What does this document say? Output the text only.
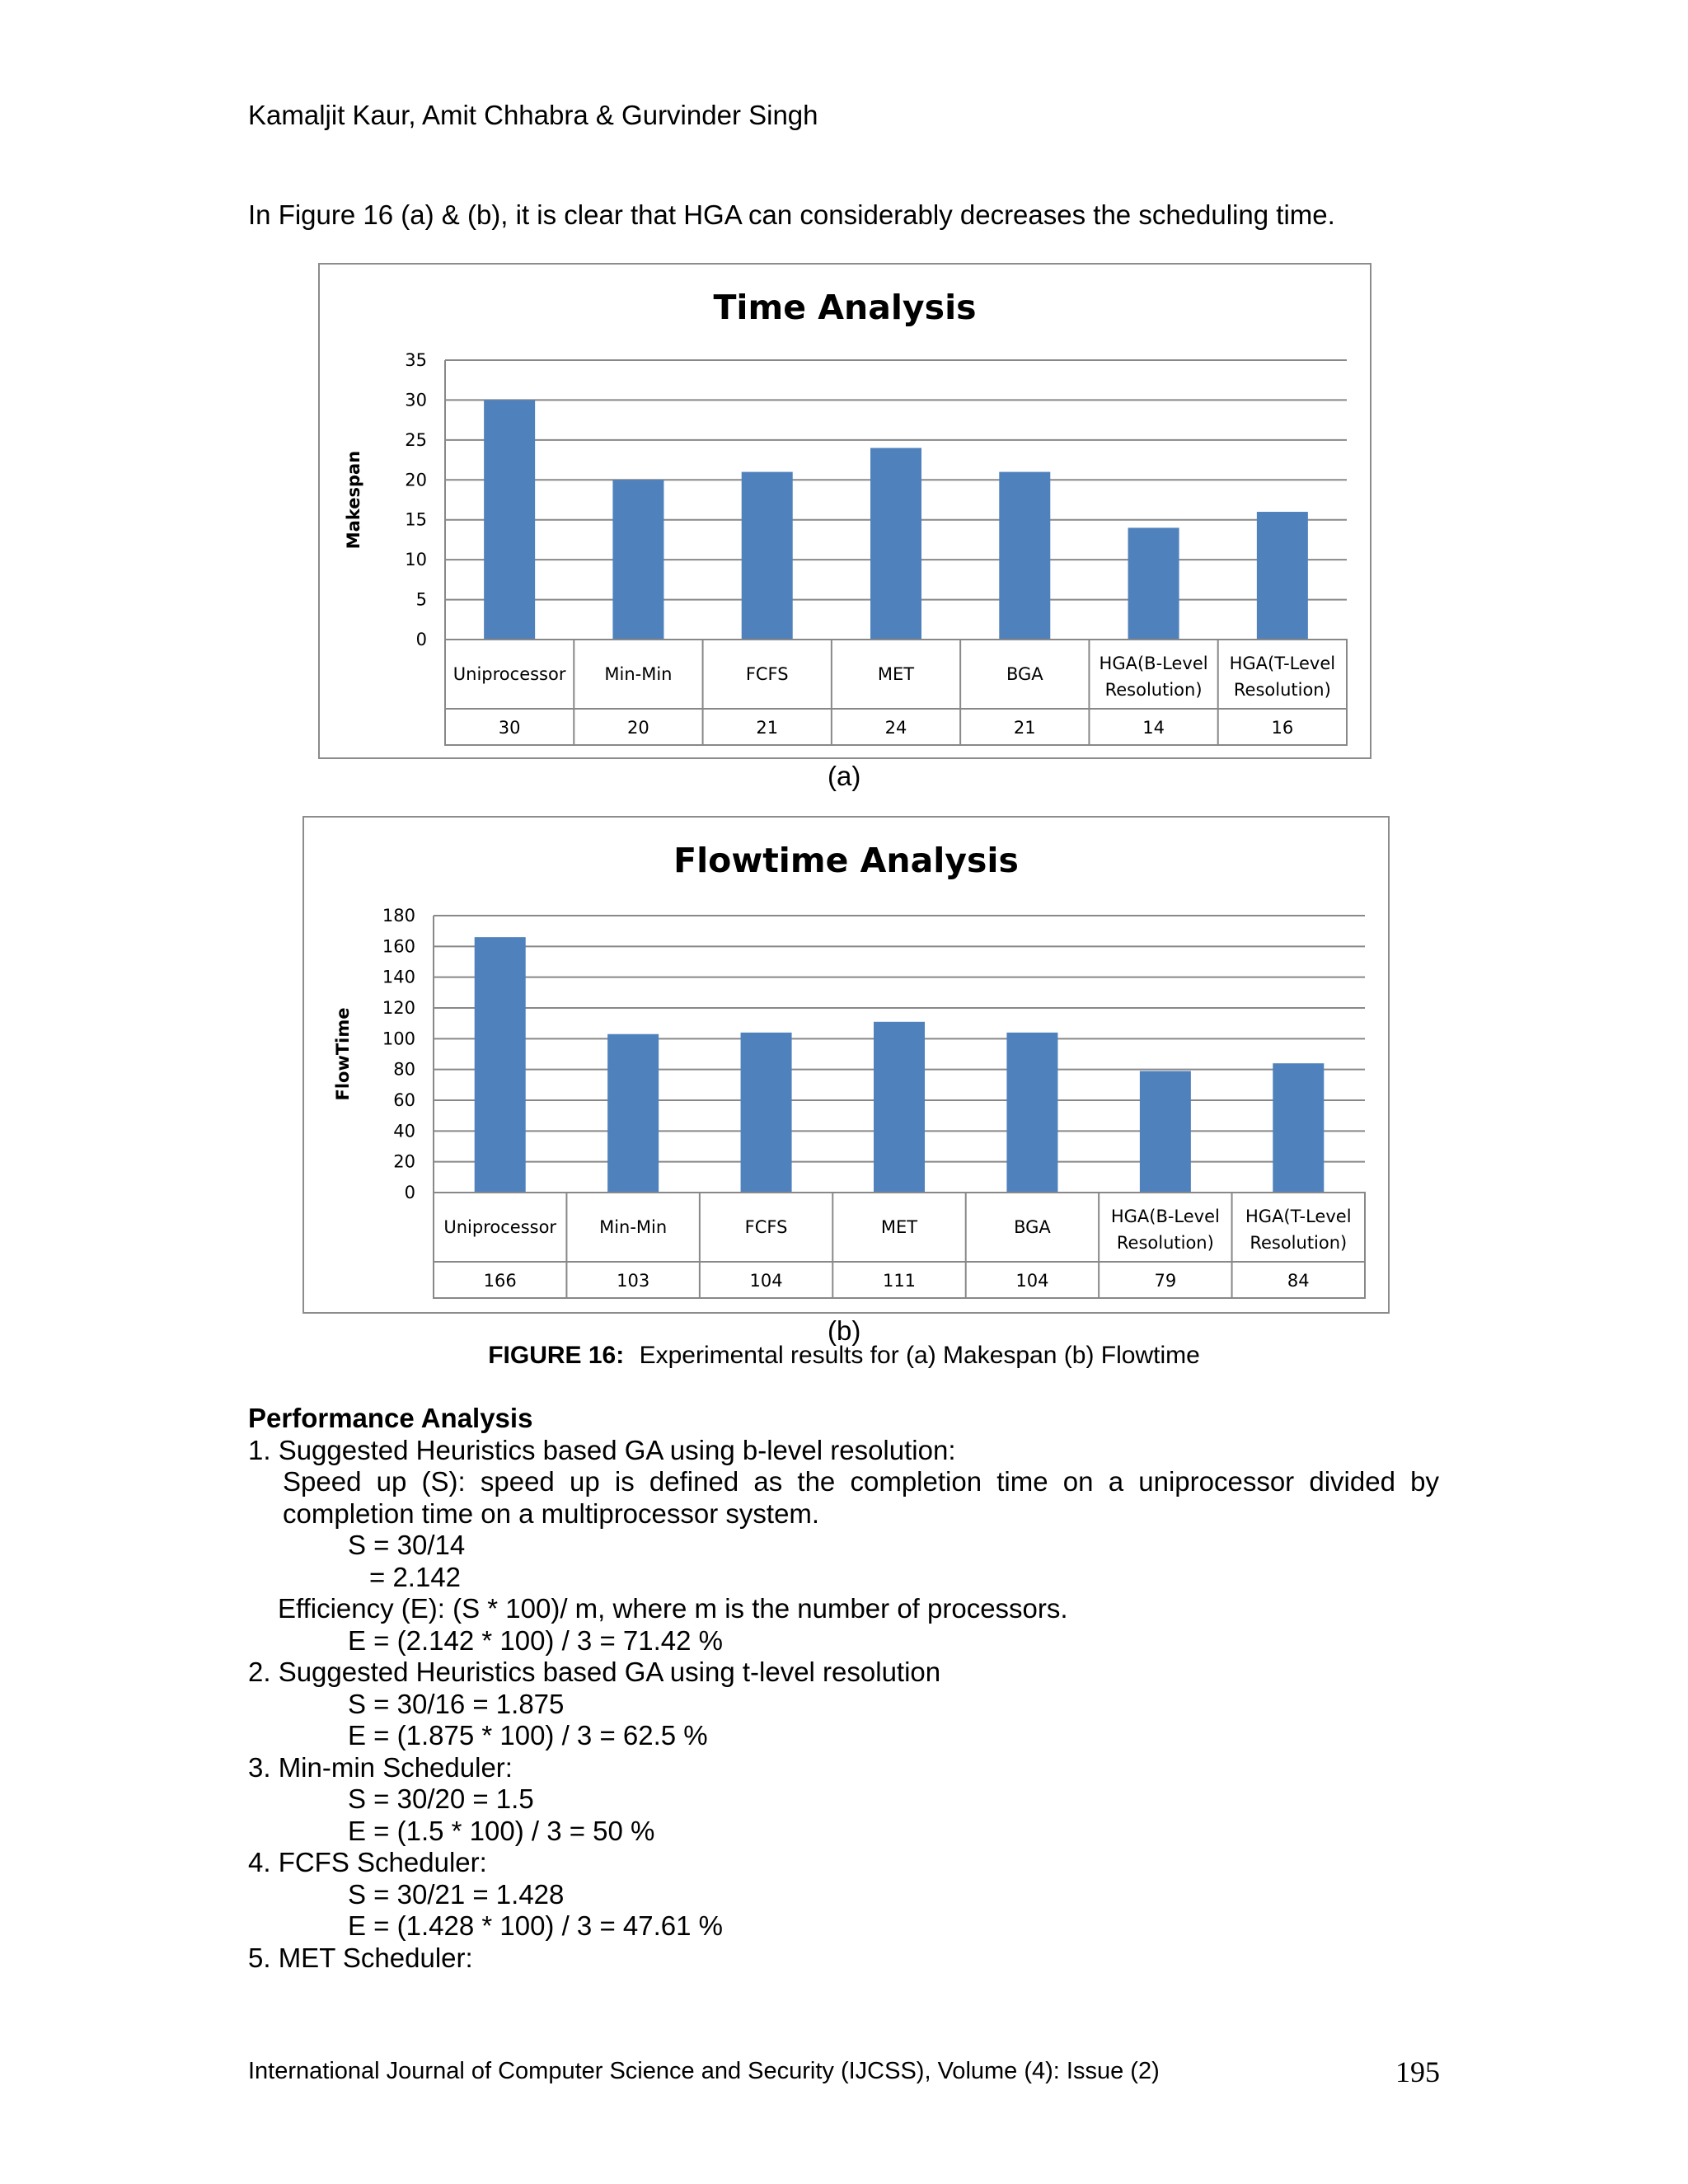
Kamaljit Kaur, Amit Chhabra & Gurvinder Singh
In Figure 16 (a) & (b), it is clear that HGA can considerably decreases the scheduling time.
Time Analysis
0
5
10
15
20
25
30
35
Makespan
Uniprocessor
30
Min-Min
20
FCFS
21
MET
24
BGA
21
HGA(B-Level
Resolution)
14
HGA(T-Level
Resolution)
16
(a)
Flowtime Analysis
0
20
40
60
80
100
120
140
160
180
FlowTime
Uniprocessor
166
Min-Min
103
FCFS
104
MET
111
BGA
104
HGA(B-Level
Resolution)
79
HGA(T-Level
Resolution)
84
(b)
FIGURE 16: Experimental results for (a) Makespan (b) Flowtime
Performance Analysis
1. Suggested Heuristics based GA using b-level resolution:
Speed up (S): speed up is defined as the completion time on a uniprocessor divided by
completion time on a multiprocessor system.
S = 30/14
= 2.142
Efficiency (E): (S * 100)/ m, where m is the number of processors.
E = (2.142 * 100) / 3 = 71.42 %
2. Suggested Heuristics based GA using t-level resolution
S = 30/16 = 1.875
E = (1.875 * 100) / 3 = 62.5 %
3. Min-min Scheduler:
S = 30/20 = 1.5
E = (1.5 * 100) / 3 = 50 %
4. FCFS Scheduler:
S = 30/21 = 1.428
E = (1.428 * 100) / 3 = 47.61 %
5. MET Scheduler:
International Journal of Computer Science and Security (IJCSS), Volume (4): Issue (2)	195
